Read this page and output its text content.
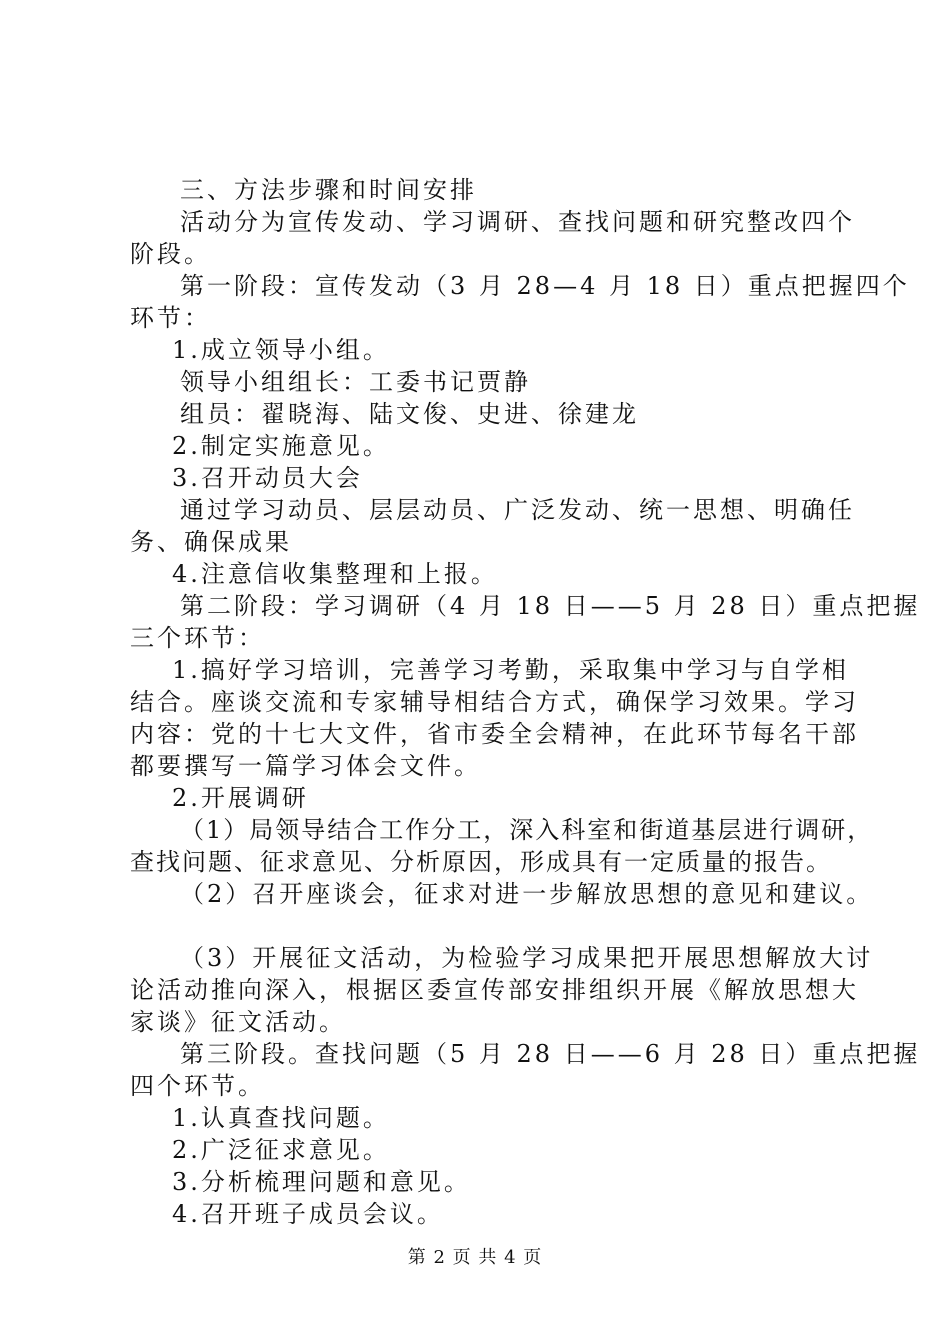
三、方法步骤和时间安排
活动分为宣传发动、学习调研、查找问题和研究整改四个
阶段。
第一阶段：宣传发动（3 月 28—4 月 18 日）重点把握四个
环节：
1.成立领导小组。
领导小组组长：工委书记贾静
组员：翟晓海、陆文俊、史进、徐建龙
2.制定实施意见。
3.召开动员大会
通过学习动员、层层动员、广泛发动、统一思想、明确任
务、确保成果
4.注意信收集整理和上报。
第二阶段：学习调研（4 月 18 日——5 月 28 日）重点把握
三个环节：
1.搞好学习培训，完善学习考勤，采取集中学习与自学相
结合。座谈交流和专家辅导相结合方式，确保学习效果。学习
内容：党的十七大文件，省市委全会精神，在此环节每名干部
都要撰写一篇学习体会文件。
2.开展调研
（1）局领导结合工作分工，深入科室和街道基层进行调研，
查找问题、征求意见、分析原因，形成具有一定质量的报告。
（2）召开座谈会，征求对进一步解放思想的意见和建议。
（3）开展征文活动，为检验学习成果把开展思想解放大讨
论活动推向深入，根据区委宣传部安排组织开展《解放思想大
家谈》征文活动。
第三阶段。查找问题（5 月 28 日——6 月 28 日）重点把握
四个环节。
1.认真查找问题。
2.广泛征求意见。
3.分析梳理问题和意见。
4.召开班子成员会议。
第 2 页 共 4 页
